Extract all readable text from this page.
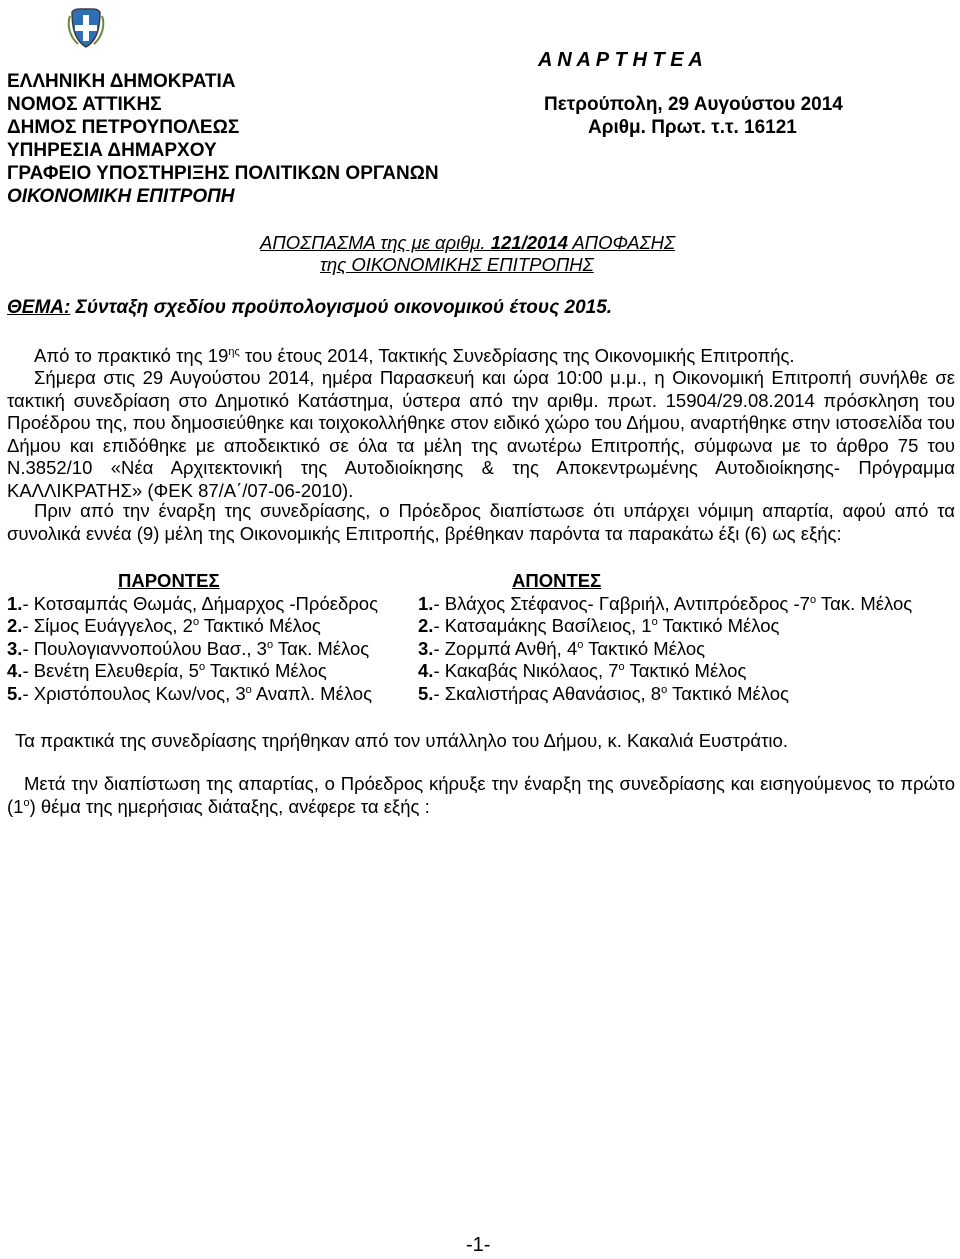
ΕΛΛΗΝΙΚΗ ΔΗΜΟΚΡΑΤΙΑ
ΝΟΜΟΣ ΑΤΤΙΚΗΣ
ΔΗΜΟΣ ΠΕΤΡΟΥΠΟΛΕΩΣ
ΥΠΗΡΕΣΙΑ ΔΗΜΑΡΧΟΥ
ΓΡΑΦΕΙΟ ΥΠΟΣΤΗΡΙΞΗΣ ΠΟΛΙΤΙΚΩΝ ΟΡΓΑΝΩΝ
ΟΙΚΟΝΟΜΙΚΗ ΕΠΙΤΡΟΠΗ
Α Ν Α Ρ Τ Η Τ Ε Α
Πετρούπολη, 29 Αυγούστου 2014
Αριθμ. Πρωτ. τ.τ. 16121
ΑΠΟΣΠΑΣΜΑ της με αριθμ. 121/2014 ΑΠΟΦΑΣΗΣ
της ΟΙΚΟΝΟΜΙΚΗΣ ΕΠΙΤΡΟΠΗΣ
ΘΕΜΑ: Σύνταξη σχεδίου προϋπολογισμού οικονομικού έτους 2015.
Από το πρακτικό της $19^{\eta\varsigma}$ του έτους 2014, Τακτικής Συνεδρίασης της Οικονομικής Επιτροπής.
Σήμερα στις 29 Αυγούστου 2014, ημέρα Παρασκευή και ώρα 10:00 μ.μ., η Οικονομική Επιτροπή συνήλθε σε τακτική συνεδρίαση στο Δημοτικό Κατάστημα, ύστερα από την αριθμ. πρωτ. 15904/29.08.2014 πρόσκληση του Προέδρου της, που δημοσιεύθηκε και τοιχοκολλήθηκε στον ειδικό χώρο του Δήμου, αναρτήθηκε στην ιστοσελίδα του Δήμου και επιδόθηκε με αποδεικτικό σε όλα τα μέλη της ανωτέρω Επιτροπής, σύμφωνα με το άρθρο 75 του Ν.3852/10 «Νέα Αρχιτεκτονική της Αυτοδιοίκησης & της Αποκεντρωμένης Αυτοδιοίκησης- Πρόγραμμα ΚΑΛΛΙΚΡΑΤΗΣ» (ΦΕΚ 87/Α΄/07-06-2010).
Πριν από την έναρξη της συνεδρίασης, ο Πρόεδρος διαπίστωσε ότι υπάρχει νόμιμη απαρτία, αφού από τα συνολικά εννέα (9) μέλη της Οικονομικής Επιτροπής, βρέθηκαν παρόντα τα παρακάτω έξι (6) ως εξής:
ΠΑΡΟΝΤΕΣ
1.- Κοτσαμπάς Θωμάς, Δήμαρχος -Πρόεδρος
2.- Σίμος Ευάγγελος, $2^o$ Τακτικό Μέλος
3.- Πουλογιαννοπούλου Βασ., $3^o$ Τακ. Μέλος
4.- Βενέτη Ελευθερία, $5^o$ Τακτικό Μέλος
5.- Χριστόπουλος Κων/νος, $3^o$ Αναπλ. Μέλος
ΑΠΟΝΤΕΣ
1.- Βλάχος Στέφανος- Γαβριήλ, Αντιπρόεδρος $-7^o$ Τακ. Μέλος
2.- Κατσαμάκης Βασίλειος, $1^o$ Τακτικό Μέλος
3.- Ζορμπά Ανθή, $4^o$ Τακτικό Μέλος
4.- Κακαβάς Νικόλαος, $7^o$ Τακτικό Μέλος
5.- Σκαλιστήρας Αθανάσιος, $8^o$ Τακτικό Μέλος
Τα πρακτικά της συνεδρίασης τηρήθηκαν από τον υπάλληλο του Δήμου, κ. Κακαλιά Ευστράτιο.
Μετά την διαπίστωση της απαρτίας, ο Πρόεδρος κήρυξε την έναρξη της συνεδρίασης και εισηγούμενος το πρώτο $(1^o)$ θέμα της ημερήσιας διάταξης, ανέφερε τα εξής :
-1-
